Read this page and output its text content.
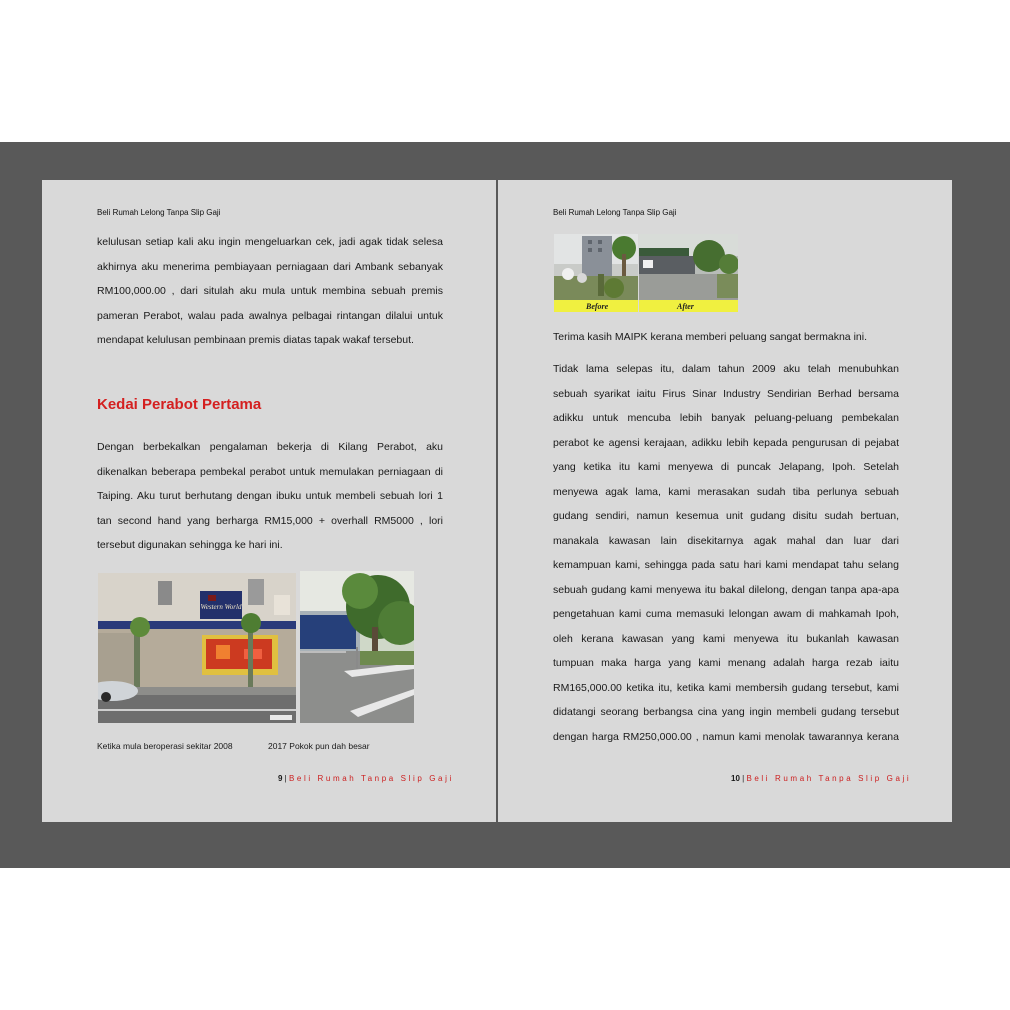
Beli Rumah Lelong Tanpa Slip Gaji
kelulusan setiap kali aku ingin mengeluarkan cek, jadi agak tidak selesa
akhirnya aku menerima pembiayaan perniagaan dari Ambank sebanyak
RM100,000.00 , dari situlah aku mula untuk membina sebuah premis
pameran Perabot, walau pada awalnya pelbagai rintangan dilalui untuk
mendapat kelulusan pembinaan premis diatas tapak wakaf tersebut.
Kedai Perabot Pertama
Dengan berbekalkan pengalaman bekerja di Kilang Perabot, aku
dikenalkan beberapa pembekal perabot untuk memulakan perniagaan di
Taiping. Aku turut berhutang dengan ibuku untuk membeli sebuah lori 1
tan second hand yang berharga RM15,000 + overhall RM5000 , lori
tersebut digunakan sehingga ke hari ini.
Western World
Ketika mula beroperasi sekitar 2008	2017 Pokok pun dah besar
9 | Beli Rumah Tanpa Slip Gaji
Beli Rumah Lelong Tanpa Slip Gaji
Before	After
Terima kasih MAIPK kerana memberi peluang sangat bermakna ini.
Tidak lama selepas itu, dalam tahun 2009 aku telah menubuhkan
sebuah syarikat iaitu Firus Sinar Industry Sendirian Berhad bersama
adikku untuk mencuba lebih banyak peluang-peluang pembekalan
perabot ke agensi kerajaan, adikku lebih kepada pengurusan di pejabat
yang ketika itu kami menyewa di puncak Jelapang, Ipoh. Setelah
menyewa agak lama, kami merasakan sudah tiba perlunya sebuah
gudang sendiri, namun kesemua unit gudang disitu sudah bertuan,
manakala kawasan lain disekitarnya agak mahal dan luar dari
kemampuan kami, sehingga pada satu hari kami mendapat tahu selang
sebuah gudang kami menyewa itu bakal dilelong, dengan tanpa apa-apa
pengetahuan kami cuma memasuki lelongan awam di mahkamah Ipoh,
oleh kerana kawasan yang kami menyewa itu bukanlah kawasan
tumpuan maka harga yang kami menang adalah harga rezab iaitu
RM165,000.00 ketika itu, ketika kami membersih gudang tersebut, kami
didatangi seorang berbangsa cina yang ingin membeli gudang tersebut
dengan harga RM250,000.00 , namun kami menolak tawarannya kerana
10 | Beli Rumah Tanpa Slip Gaji
